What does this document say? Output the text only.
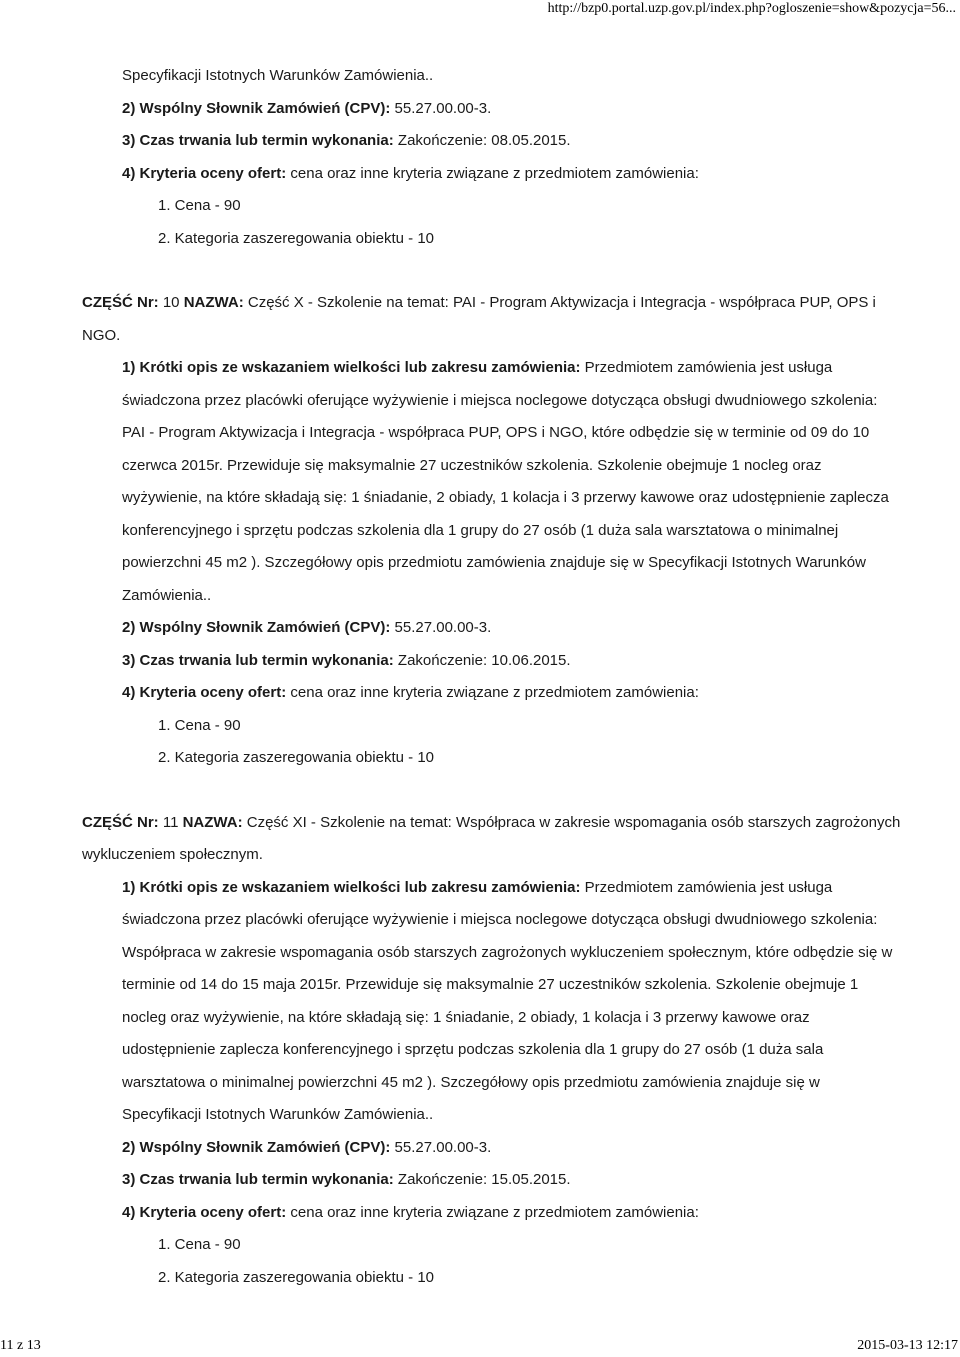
http://bzp0.portal.uzp.gov.pl/index.php?ogloszenie=show&pozycja=56...

Specyfikacji Istotnych Warunków Zamówienia..

2) Wspólny Słownik Zamówień (CPV): 55.27.00.00-3.

3) Czas trwania lub termin wykonania: Zakończenie: 08.05.2015.

4) Kryteria oceny ofert: cena oraz inne kryteria związane z przedmiotem zamówienia:

1. Cena - 90

2. Kategoria zaszeregowania obiektu - 10

CZĘŚĆ Nr: 10 NAZWA: Część X - Szkolenie na temat: PAI - Program Aktywizacja i Integracja - współpraca PUP, OPS i NGO.

1) Krótki opis ze wskazaniem wielkości lub zakresu zamówienia: Przedmiotem zamówienia jest usługa świadczona przez placówki oferujące wyżywienie i miejsca noclegowe dotycząca obsługi dwudniowego szkolenia: PAI - Program Aktywizacja i Integracja - współpraca PUP, OPS i NGO, które odbędzie się w terminie od 09 do 10 czerwca 2015r. Przewiduje się maksymalnie 27 uczestników szkolenia. Szkolenie obejmuje 1 nocleg oraz wyżywienie, na które składają się: 1 śniadanie, 2 obiady, 1 kolacja i 3 przerwy kawowe oraz udostępnienie zaplecza konferencyjnego i sprzętu podczas szkolenia dla 1 grupy do 27 osób (1 duża sala warsztatowa o minimalnej powierzchni 45 m2 ). Szczegółowy opis przedmiotu zamówienia znajduje się w Specyfikacji Istotnych Warunków Zamówienia..

2) Wspólny Słownik Zamówień (CPV): 55.27.00.00-3.

3) Czas trwania lub termin wykonania: Zakończenie: 10.06.2015.

4) Kryteria oceny ofert: cena oraz inne kryteria związane z przedmiotem zamówienia:

1. Cena - 90

2. Kategoria zaszeregowania obiektu - 10

CZĘŚĆ Nr: 11 NAZWA: Część XI - Szkolenie na temat: Współpraca w zakresie wspomagania osób starszych zagrożonych wykluczeniem społecznym.

1) Krótki opis ze wskazaniem wielkości lub zakresu zamówienia: Przedmiotem zamówienia jest usługa świadczona przez placówki oferujące wyżywienie i miejsca noclegowe dotycząca obsługi dwudniowego szkolenia: Współpraca w zakresie wspomagania osób starszych zagrożonych wykluczeniem społecznym, które odbędzie się w terminie od 14 do 15 maja 2015r. Przewiduje się maksymalnie 27 uczestników szkolenia. Szkolenie obejmuje 1 nocleg oraz wyżywienie, na które składają się: 1 śniadanie, 2 obiady, 1 kolacja i 3 przerwy kawowe oraz udostępnienie zaplecza konferencyjnego i sprzętu podczas szkolenia dla 1 grupy do 27 osób (1 duża sala warsztatowa o minimalnej powierzchni 45 m2 ). Szczegółowy opis przedmiotu zamówienia znajduje się w Specyfikacji Istotnych Warunków Zamówienia..

2) Wspólny Słownik Zamówień (CPV): 55.27.00.00-3.

3) Czas trwania lub termin wykonania: Zakończenie: 15.05.2015.

4) Kryteria oceny ofert: cena oraz inne kryteria związane z przedmiotem zamówienia:

1. Cena - 90

2. Kategoria zaszeregowania obiektu - 10

11 z 13	2015-03-13 12:17
